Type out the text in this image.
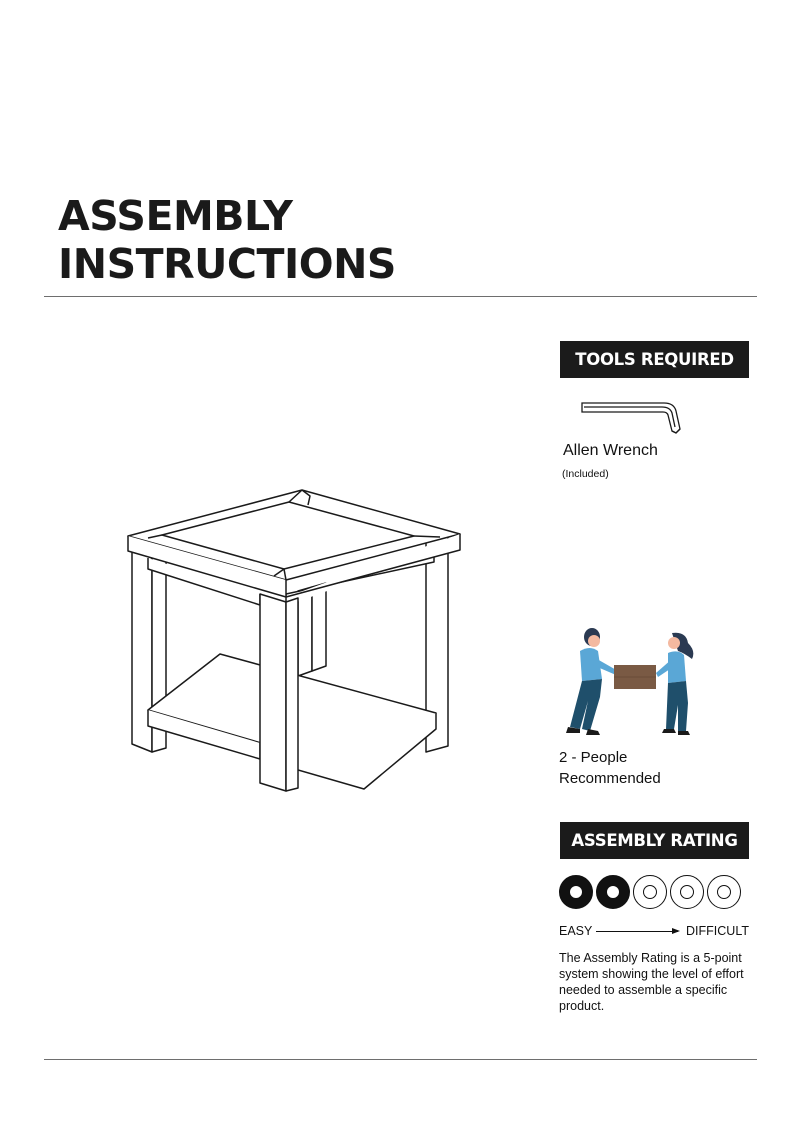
ASSEMBLY
INSTRUCTIONS
TOOLS REQUIRED
Allen Wrench
(Included)
2 - People
Recommended
ASSEMBLY RATING
EASY	DIFFICULT

The Assembly Rating is a 5-point system showing the level of effort needed to assemble a specific product.
